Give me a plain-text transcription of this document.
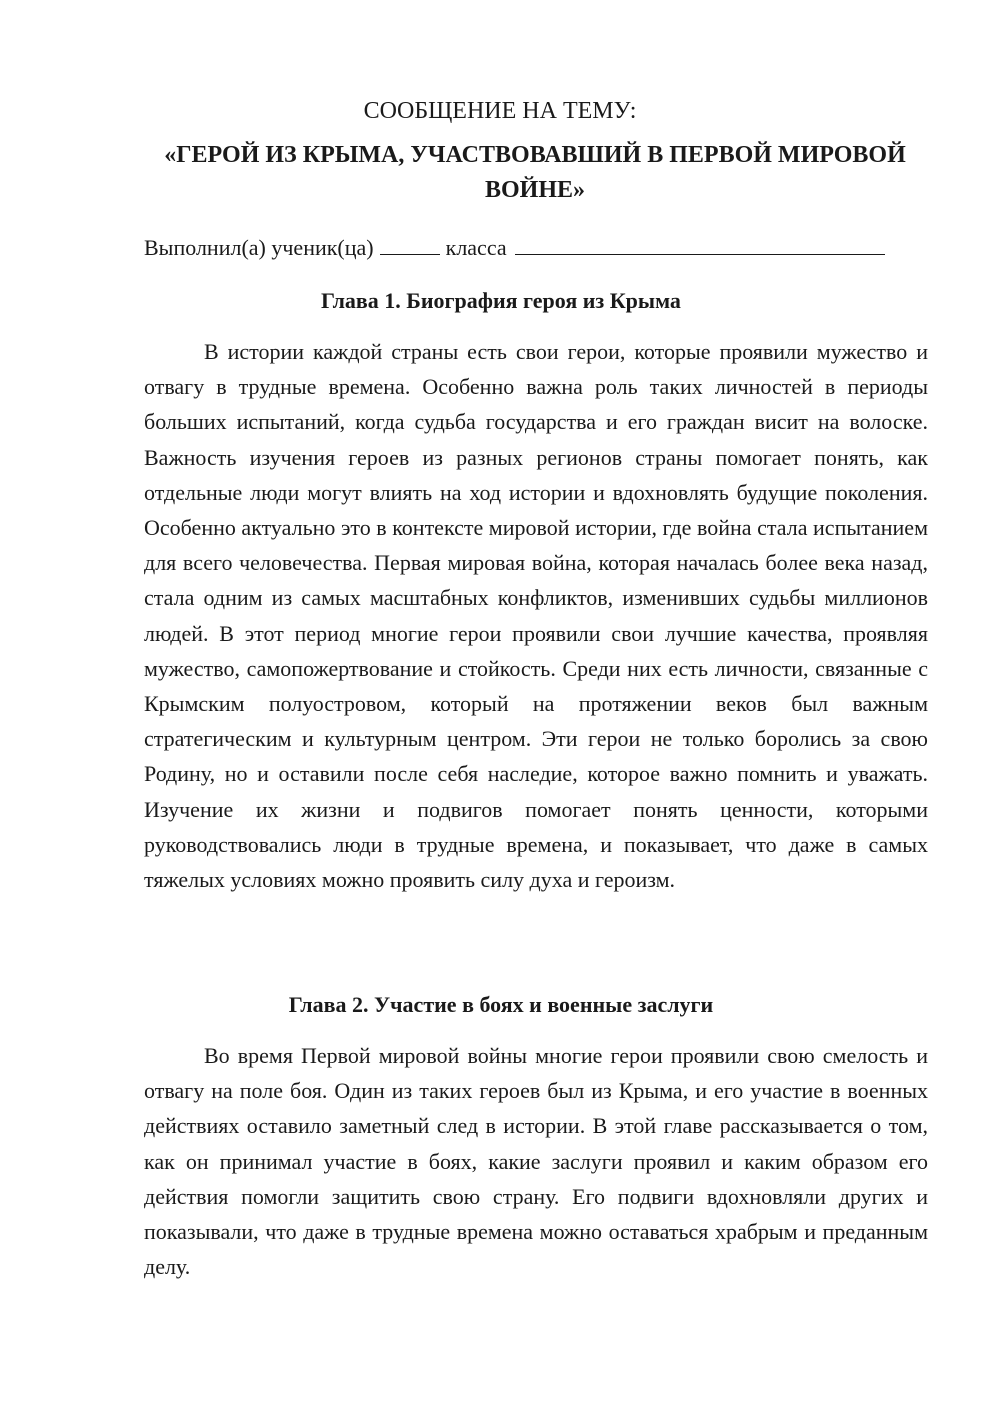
СООБЩЕНИЕ НА ТЕМУ:
«ГЕРОЙ ИЗ КРЫМА, УЧАСТВОВАВШИЙ В ПЕРВОЙ МИРОВОЙ ВОЙНЕ»
Выполнил(а) ученик(ца)	класса
Глава 1. Биография героя из Крыма

В истории каждой страны есть свои герои, которые проявили мужество и отвагу в трудные времена. Особенно важна роль таких личностей в периоды больших испытаний, когда судьба государства и его граждан висит на волоске. Важность изучения героев из разных регионов страны помогает понять, как отдельные люди могут влиять на ход истории и вдохновлять будущие поколения. Особенно актуально это в контексте мировой истории, где война стала испытанием для всего человечества. Первая мировая война, которая началась более века назад, стала одним из самых масштабных конфликтов, изменивших судьбы миллионов людей. В этот период многие герои проявили свои лучшие качества, проявляя мужество, самопожертвование и стойкость. Среди них есть личности, связанные с Крымским полуостровом, который на протяжении веков был важным стратегическим и культурным центром. Эти герои не только боролись за свою Родину, но и оставили после себя наследие, которое важно помнить и уважать. Изучение их жизни и подвигов помогает понять ценности, которыми руководствовались люди в трудные времена, и показывает, что даже в самых тяжелых условиях можно проявить силу духа и героизм.

Глава 2. Участие в боях и военные заслуги

Во время Первой мировой войны многие герои проявили свою смелость и отвагу на поле боя. Один из таких героев был из Крыма, и его участие в военных действиях оставило заметный след в истории. В этой главе рассказывается о том, как он принимал участие в боях, какие заслуги проявил и каким образом его действия помогли защитить свою страну. Его подвиги вдохновляли других и показывали, что даже в трудные времена можно оставаться храбрым и преданным делу.
